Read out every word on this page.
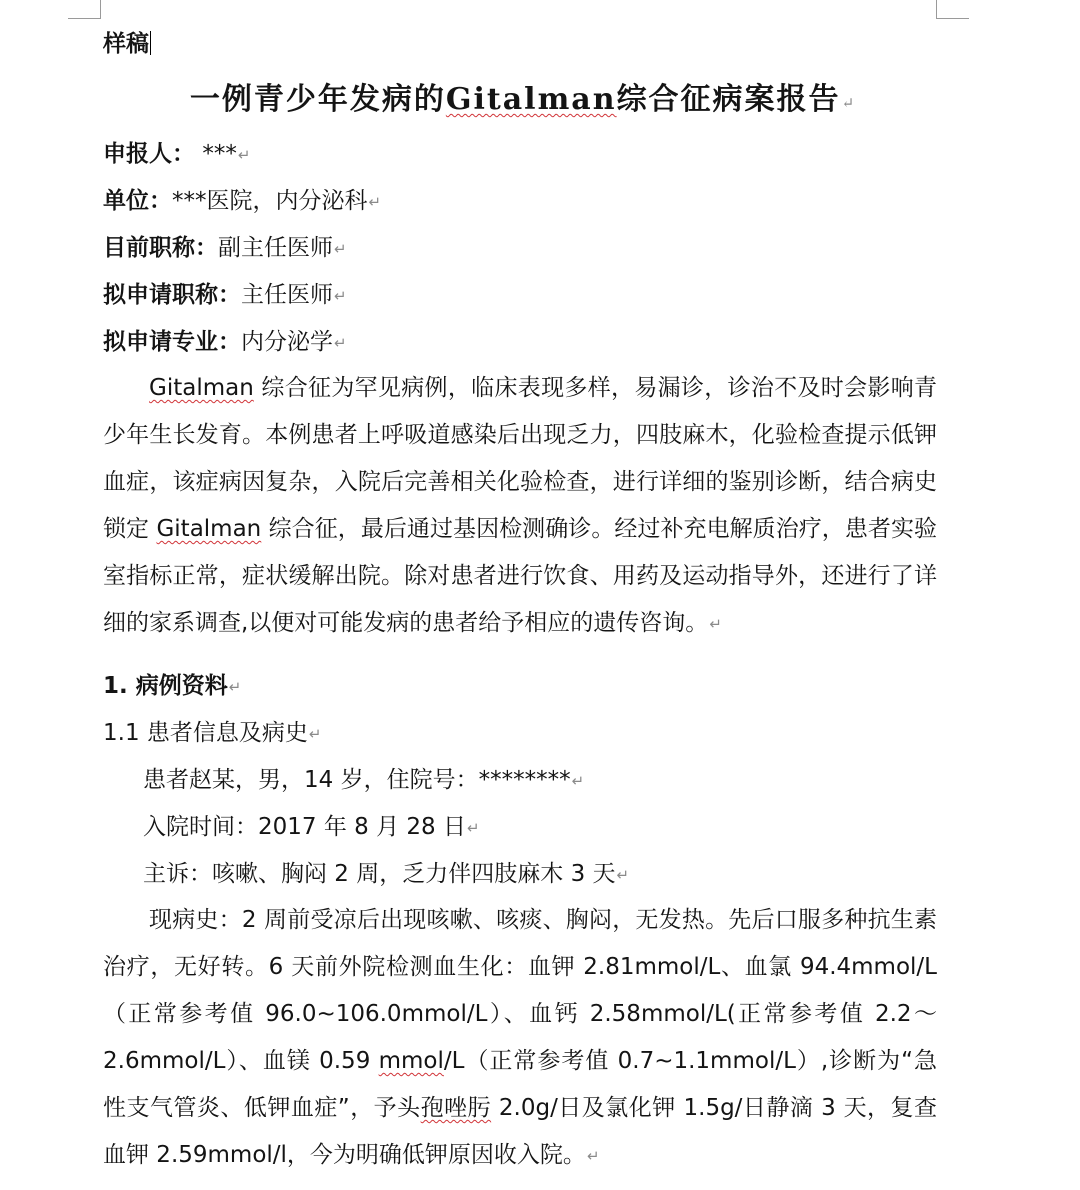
样稿
一例青少年发病的Gitalman综合征病案报告↵
申报人： ***↵
单位：***医院，内分泌科↵
目前职称：副主任医师↵
拟申请职称：主任医师↵
拟申请专业：内分泌学↵
Gitalman 综合征为罕见病例，临床表现多样，易漏诊，诊治不及时会影响青少年生长发育。本例患者上呼吸道感染后出现乏力，四肢麻木，化验检查提示低钾血症，该症病因复杂，入院后完善相关化验检查，进行详细的鉴别诊断，结合病史锁定 Gitalman 综合征，最后通过基因检测确诊。经过补充电解质治疗，患者实验室指标正常，症状缓解出院。除对患者进行饮食、用药及运动指导外，还进行了详细的家系调查,以便对可能发病的患者给予相应的遗传咨询。↵
1. 病例资料↵
1.1 患者信息及病史↵
患者赵某，男，14 岁，住院号：********↵
入院时间：2017 年 8 月 28 日↵
主诉：咳嗽、胸闷 2 周，乏力伴四肢麻木 3 天↵
现病史：2 周前受凉后出现咳嗽、咳痰、胸闷，无发热。先后口服多种抗生素治疗，无好转。6 天前外院检测血生化：血钾 2.81mmol/L、血氯 94.4mmol/L（正常参考值 96.0~106.0mmol/L）、血钙 2.58mmol/L(正常参考值 2.2～2.6mmol/L）、血镁 0.59 mmol/L（正常参考值 0.7~1.1mmol/L）,诊断为“急性支气管炎、低钾血症”，予头孢唑肟 2.0g/日及氯化钾 1.5g/日静滴 3 天，复查血钾 2.59mmol/l，今为明确低钾原因收入院。↵
